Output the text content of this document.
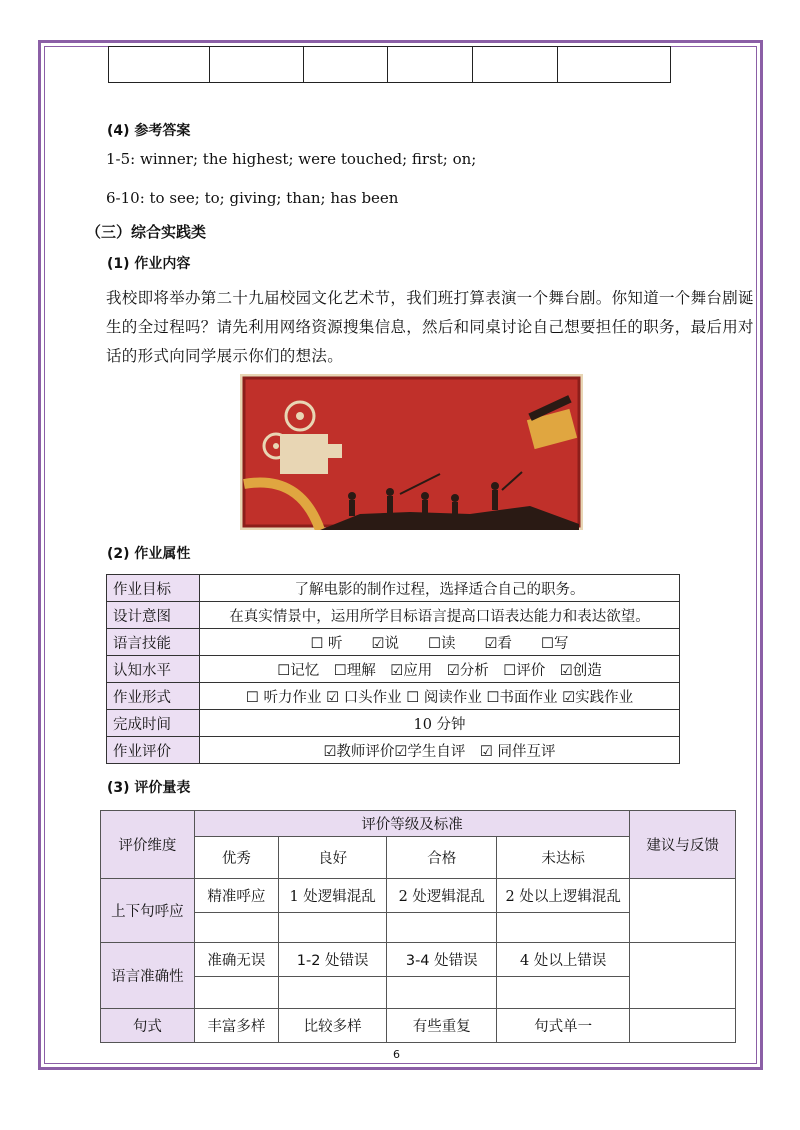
(4) 参考答案
1-5: winner; the highest; were touched; first; on;
6-10: to see; to; giving; than; has been
（三）综合实践类
(1) 作业内容
我校即将举办第二十九届校园文化艺术节，我们班打算表演一个舞台剧。你知道一个舞台剧诞生的全过程吗？请先利用网络资源搜集信息，然后和同桌讨论自己想要担任的职务，最后用对话的形式向同学展示你们的想法。
(2) 作业属性
作业目标	了解电影的制作过程，选择适合自己的职务。
设计意图	在真实情景中，运用所学目标语言提高口语表达能力和表达欲望。
语言技能	☐ 听　　☑说　　☐读　　☑看　　☐写
认知水平	☐记忆　☐理解　☑应用　☑分析　☐评价　☑创造
作业形式	☐ 听力作业 ☑ 口头作业 ☐ 阅读作业 ☐书面作业 ☑实践作业
完成时间	10 分钟
作业评价	☑教师评价☑学生自评　☑ 同伴互评
(3) 评价量表
评价维度	评价等级及标准				建议与反馈
	优秀	良好	合格	未达标	
上下句呼应	精准呼应	1 处逻辑混乱	2 处逻辑混乱	2 处以上逻辑混乱	

语言准确性	准确无误	1-2 处错误	3-4 处错误	4 处以上错误	

句式	丰富多样	比较多样	有些重复	句式单一	
6
